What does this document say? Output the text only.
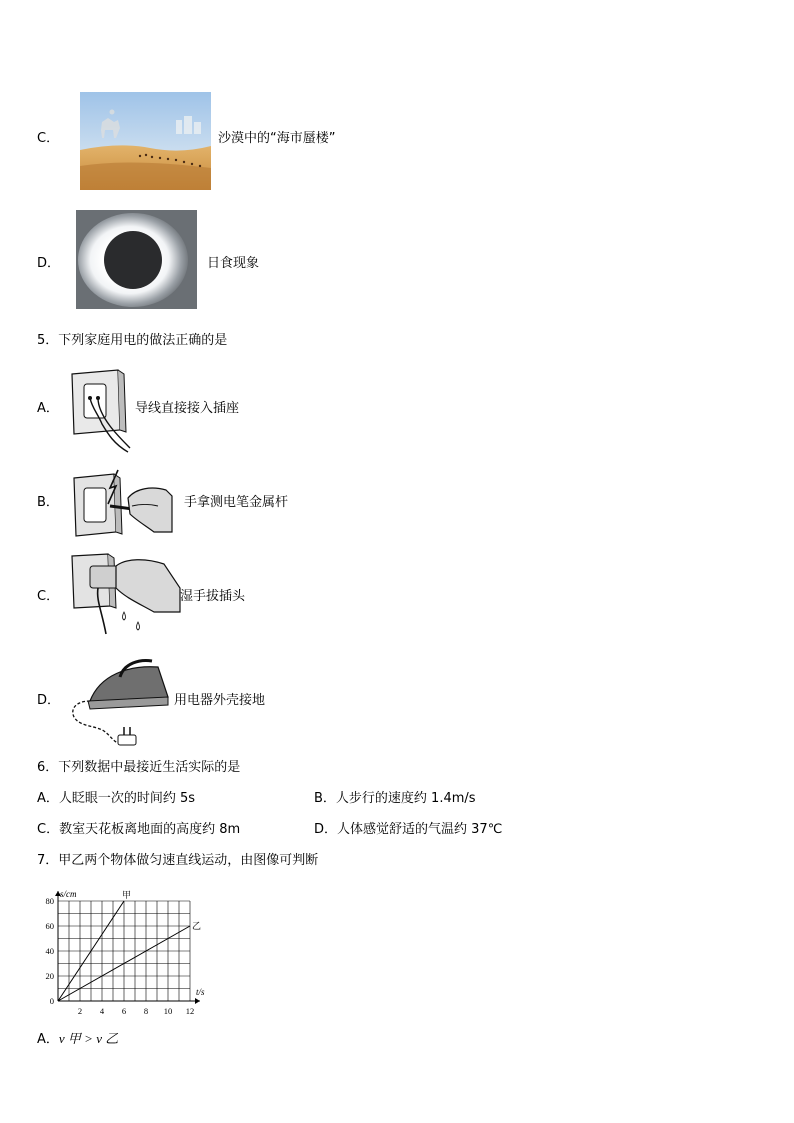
C．	沙漠中的“海市蜃楼”
D．	日食现象
5．下列家庭用电的做法正确的是
A．	导线直接接入插座
B．	手拿测电笔金属杆
C．	湿手拔插头
D．	用电器外壳接地
6．下列数据中最接近生活实际的是
A．人眨眼一次的时间约 5s	B．人步行的速度约 1.4m/s
C．教室天花板离地面的高度约 8m	D．人体感觉舒适的气温约 37℃
7．甲乙两个物体做匀速直线运动，由图像可判断
2 4 6 8 10 12
0
20
40
60
80
t/s
s/cm	甲
乙
A．v 甲 > v 乙
